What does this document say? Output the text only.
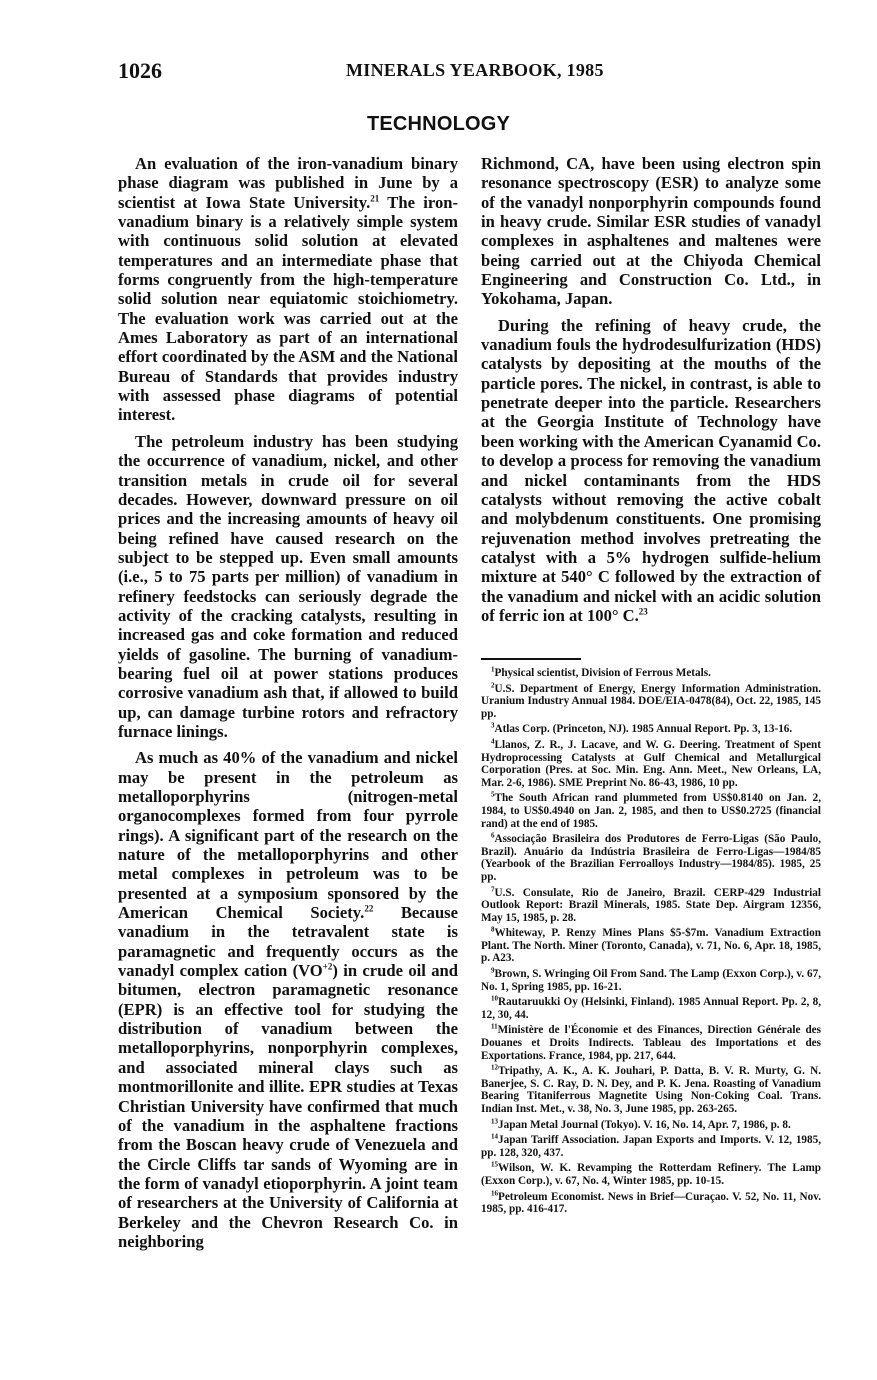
1026	MINERALS YEARBOOK, 1985
TECHNOLOGY

An evaluation of the iron-vanadium binary phase diagram was published in June by a scientist at Iowa State University.$^{21}$ The iron-vanadium binary is a relatively simple system with continuous solid solution at elevated temperatures and an intermediate phase that forms congruently from the high-temperature solid solution near equiatomic stoichiometry. The evaluation work was carried out at the Ames Laboratory as part of an international effort coordinated by the ASM and the National Bureau of Standards that provides industry with assessed phase diagrams of potential interest.

The petroleum industry has been studying the occurrence of vanadium, nickel, and other transition metals in crude oil for several decades. However, downward pressure on oil prices and the increasing amounts of heavy oil being refined have caused research on the subject to be stepped up. Even small amounts (i.e., 5 to 75 parts per million) of vanadium in refinery feedstocks can seriously degrade the activity of the cracking catalysts, resulting in increased gas and coke formation and reduced yields of gasoline. The burning of vanadium-bearing fuel oil at power stations produces corrosive vanadium ash that, if allowed to build up, can damage turbine rotors and refractory furnace linings.

As much as 40% of the vanadium and nickel may be present in the petroleum as metalloporphyrins (nitrogen-metal organocomplexes formed from four pyrrole rings). A significant part of the research on the nature of the metalloporphyrins and other metal complexes in petroleum was to be presented at a symposium sponsored by the American Chemical Society.$^{22}$ Because vanadium in the tetravalent state is paramagnetic and frequently occurs as the vanadyl complex cation $(VO^{+2})$ in crude oil and bitumen, electron paramagnetic resonance (EPR) is an effective tool for studying the distribution of vanadium between the metalloporphyrins, nonporphyrin complexes, and associated mineral clays such as montmorillonite and illite. EPR studies at Texas Christian University have confirmed that much of the vanadium in the asphaltene fractions from the Boscan heavy crude of Venezuela and the Circle Cliffs tar sands of Wyoming are in the form of vanadyl etioporphyrin. A joint team of researchers at the University of California at Berkeley and the Chevron Research Co. in neighboring

Richmond, CA, have been using electron spin resonance spectroscopy (ESR) to analyze some of the vanadyl nonporphyrin compounds found in heavy crude. Similar ESR studies of vanadyl complexes in asphaltenes and maltenes were being carried out at the Chiyoda Chemical Engineering and Construction Co. Ltd., in Yokohama, Japan.

During the refining of heavy crude, the vanadium fouls the hydrodesulfurization (HDS) catalysts by depositing at the mouths of the particle pores. The nickel, in contrast, is able to penetrate deeper into the particle. Researchers at the Georgia Institute of Technology have been working with the American Cyanamid Co. to develop a process for removing the vanadium and nickel contaminants from the HDS catalysts without removing the active cobalt and molybdenum constituents. One promising rejuvenation method involves pretreating the catalyst with a 5% hydrogen sulfide-helium mixture at 540° C followed by the extraction of the vanadium and nickel with an acidic solution of ferric ion at 100° C.$^{23}$

$^1$Physical scientist, Division of Ferrous Metals.

$^2$U.S. Department of Energy, Energy Information Administration. Uranium Industry Annual 1984. DOE/EIA-0478(84), Oct. 22, 1985, 145 pp.

$^3$Atlas Corp. (Princeton, NJ). 1985 Annual Report. Pp. 3, 13-16.

$^4$Llanos, Z. R., J. Lacave, and W. G. Deering. Treatment of Spent Hydroprocessing Catalysts at Gulf Chemical and Metallurgical Corporation (Pres. at Soc. Min. Eng. Ann. Meet., New Orleans, LA, Mar. 2-6, 1986). SME Preprint No. 86-43, 1986, 10 pp.

$^5$The South African rand plummeted from US$0.8140 on Jan. 2, 1984, to US$0.4940 on Jan. 2, 1985, and then to US$0.2725 (financial rand) at the end of 1985.

$^6$Associação Brasileira dos Produtores de Ferro-Ligas (São Paulo, Brazil). Anuário da Indústria Brasileira de Ferro-Ligas—1984/85 (Yearbook of the Brazilian Ferroalloys Industry—1984/85). 1985, 25 pp.

$^7$U.S. Consulate, Rio de Janeiro, Brazil. CERP-429 Industrial Outlook Report: Brazil Minerals, 1985. State Dep. Airgram 12356, May 15, 1985, p. 28.

$^8$Whiteway, P. Renzy Mines Plans $5-$7m. Vanadium Extraction Plant. The North. Miner (Toronto, Canada), v. 71, No. 6, Apr. 18, 1985, p. A23.

$^9$Brown, S. Wringing Oil From Sand. The Lamp (Exxon Corp.), v. 67, No. 1, Spring 1985, pp. 16-21.

$^{10}$Rautaruukki Oy (Helsinki, Finland). 1985 Annual Report. Pp. 2, 8, 12, 30, 44.

$^{11}$Ministère de l'Économie et des Finances, Direction Générale des Douanes et Droits Indirects. Tableau des Importations et des Exportations. France, 1984, pp. 217, 644.

$^{12}$Tripathy, A. K., A. K. Jouhari, P. Datta, B. V. R. Murty, G. N. Banerjee, S. C. Ray, D. N. Dey, and P. K. Jena. Roasting of Vanadium Bearing Titaniferrous Magnetite Using Non-Coking Coal. Trans. Indian Inst. Met., v. 38, No. 3, June 1985, pp. 263-265.

$^{13}$Japan Metal Journal (Tokyo). V. 16, No. 14, Apr. 7, 1986, p. 8.

$^{14}$Japan Tariff Association. Japan Exports and Imports. V. 12, 1985, pp. 128, 320, 437.

$^{15}$Wilson, W. K. Revamping the Rotterdam Refinery. The Lamp (Exxon Corp.), v. 67, No. 4, Winter 1985, pp. 10-15.

$^{16}$Petroleum Economist. News in Brief—Curaçao. V. 52, No. 11, Nov. 1985, pp. 416-417.
